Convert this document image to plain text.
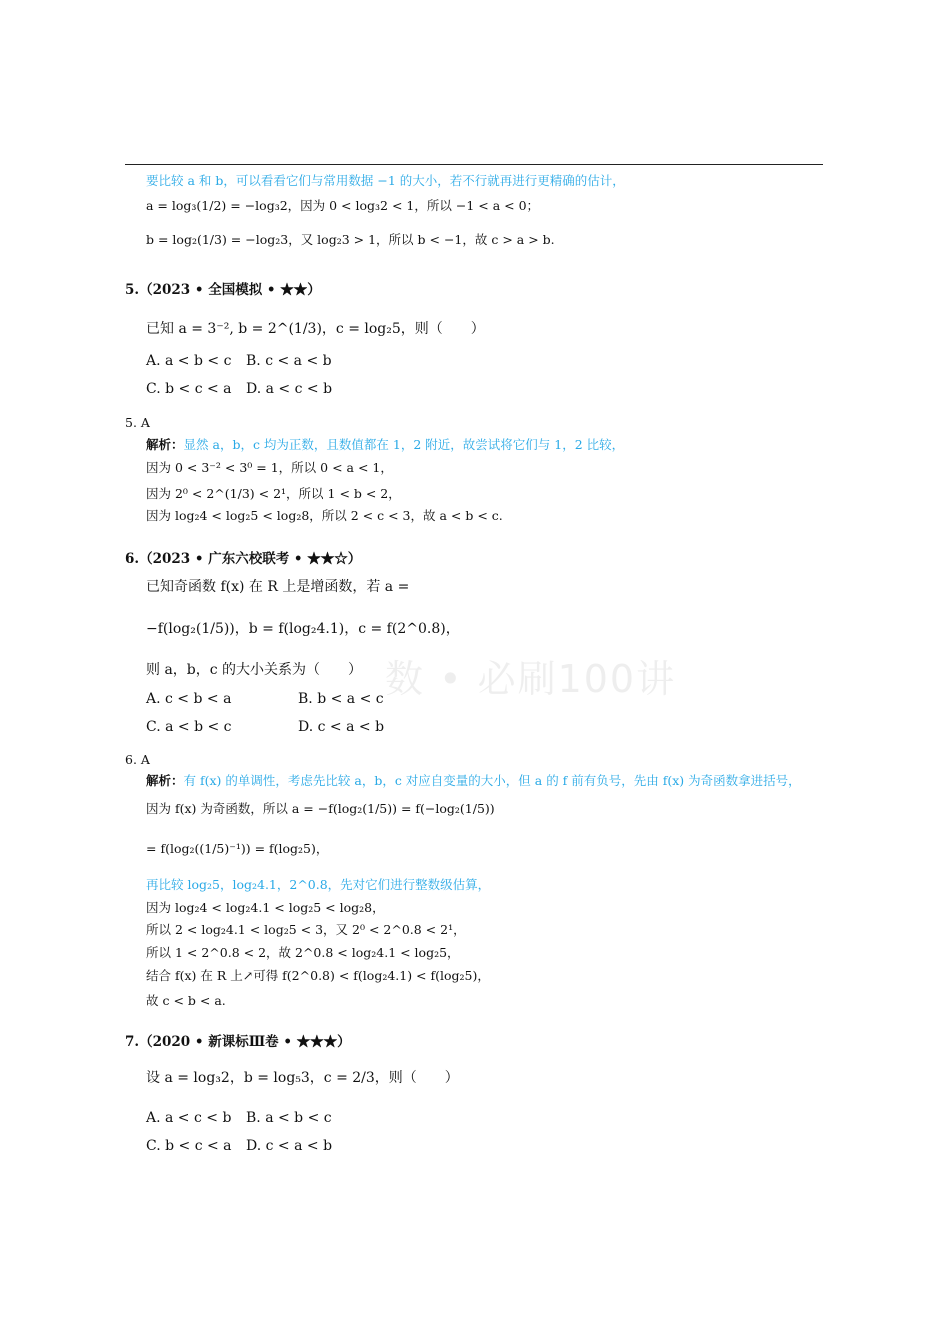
数 • 必刷100讲
要比较 a 和 b，可以看看它们与常用数据 −1 的大小，若不行就再进行更精确的估计，
a = log₃(1/2) = −log₃2，因为 0 < log₃2 < 1，所以 −1 < a < 0；
b = log₂(1/3) = −log₂3，又 log₂3 > 1，所以 b < −1，故 c > a > b.
5.（2023 • 全国模拟 • ★★）
已知 a = 3⁻², b = 2^(1/3)，c = log₂5，则（　　）
A. a < b < c B. c < a < b
C. b < c < a D. a < c < b
5. A
解析：显然 a，b，c 均为正数，且数值都在 1，2 附近，故尝试将它们与 1，2 比较，
因为 0 < 3⁻² < 3⁰ = 1，所以 0 < a < 1，
因为 2⁰ < 2^(1/3) < 2¹，所以 1 < b < 2，
因为 log₂4 < log₂5 < log₂8，所以 2 < c < 3，故 a < b < c.
6.（2023 • 广东六校联考 • ★★☆）
已知奇函数 f(x) 在 R 上是增函数，若 a =
−f(log₂(1/5))，b = f(log₂4.1)，c = f(2^0.8)，
则 a，b，c 的大小关系为（　　）
A. c < b < a	B. b < a < c
C. a < b < c	D. c < a < b
6. A
解析：有 f(x) 的单调性，考虑先比较 a，b，c 对应自变量的大小，但 a 的 f 前有负号，先由 f(x) 为奇函数拿进括号，
因为 f(x) 为奇函数，所以 a = −f(log₂(1/5)) = f(−log₂(1/5))
= f(log₂((1/5)⁻¹)) = f(log₂5)，
再比较 log₂5，log₂4.1，2^0.8，先对它们进行整数级估算，
因为 log₂4 < log₂4.1 < log₂5 < log₂8，
所以 2 < log₂4.1 < log₂5 < 3，又 2⁰ < 2^0.8 < 2¹，
所以 1 < 2^0.8 < 2，故 2^0.8 < log₂4.1 < log₂5，
结合 f(x) 在 R 上↗可得 f(2^0.8) < f(log₂4.1) < f(log₂5)，
故 c < b < a.
7.（2020 • 新课标Ⅲ卷 • ★★★）
设 a = log₃2，b = log₅3，c = 2/3，则（　　）
A. a < c < b B. a < b < c
C. b < c < a D. c < a < b
